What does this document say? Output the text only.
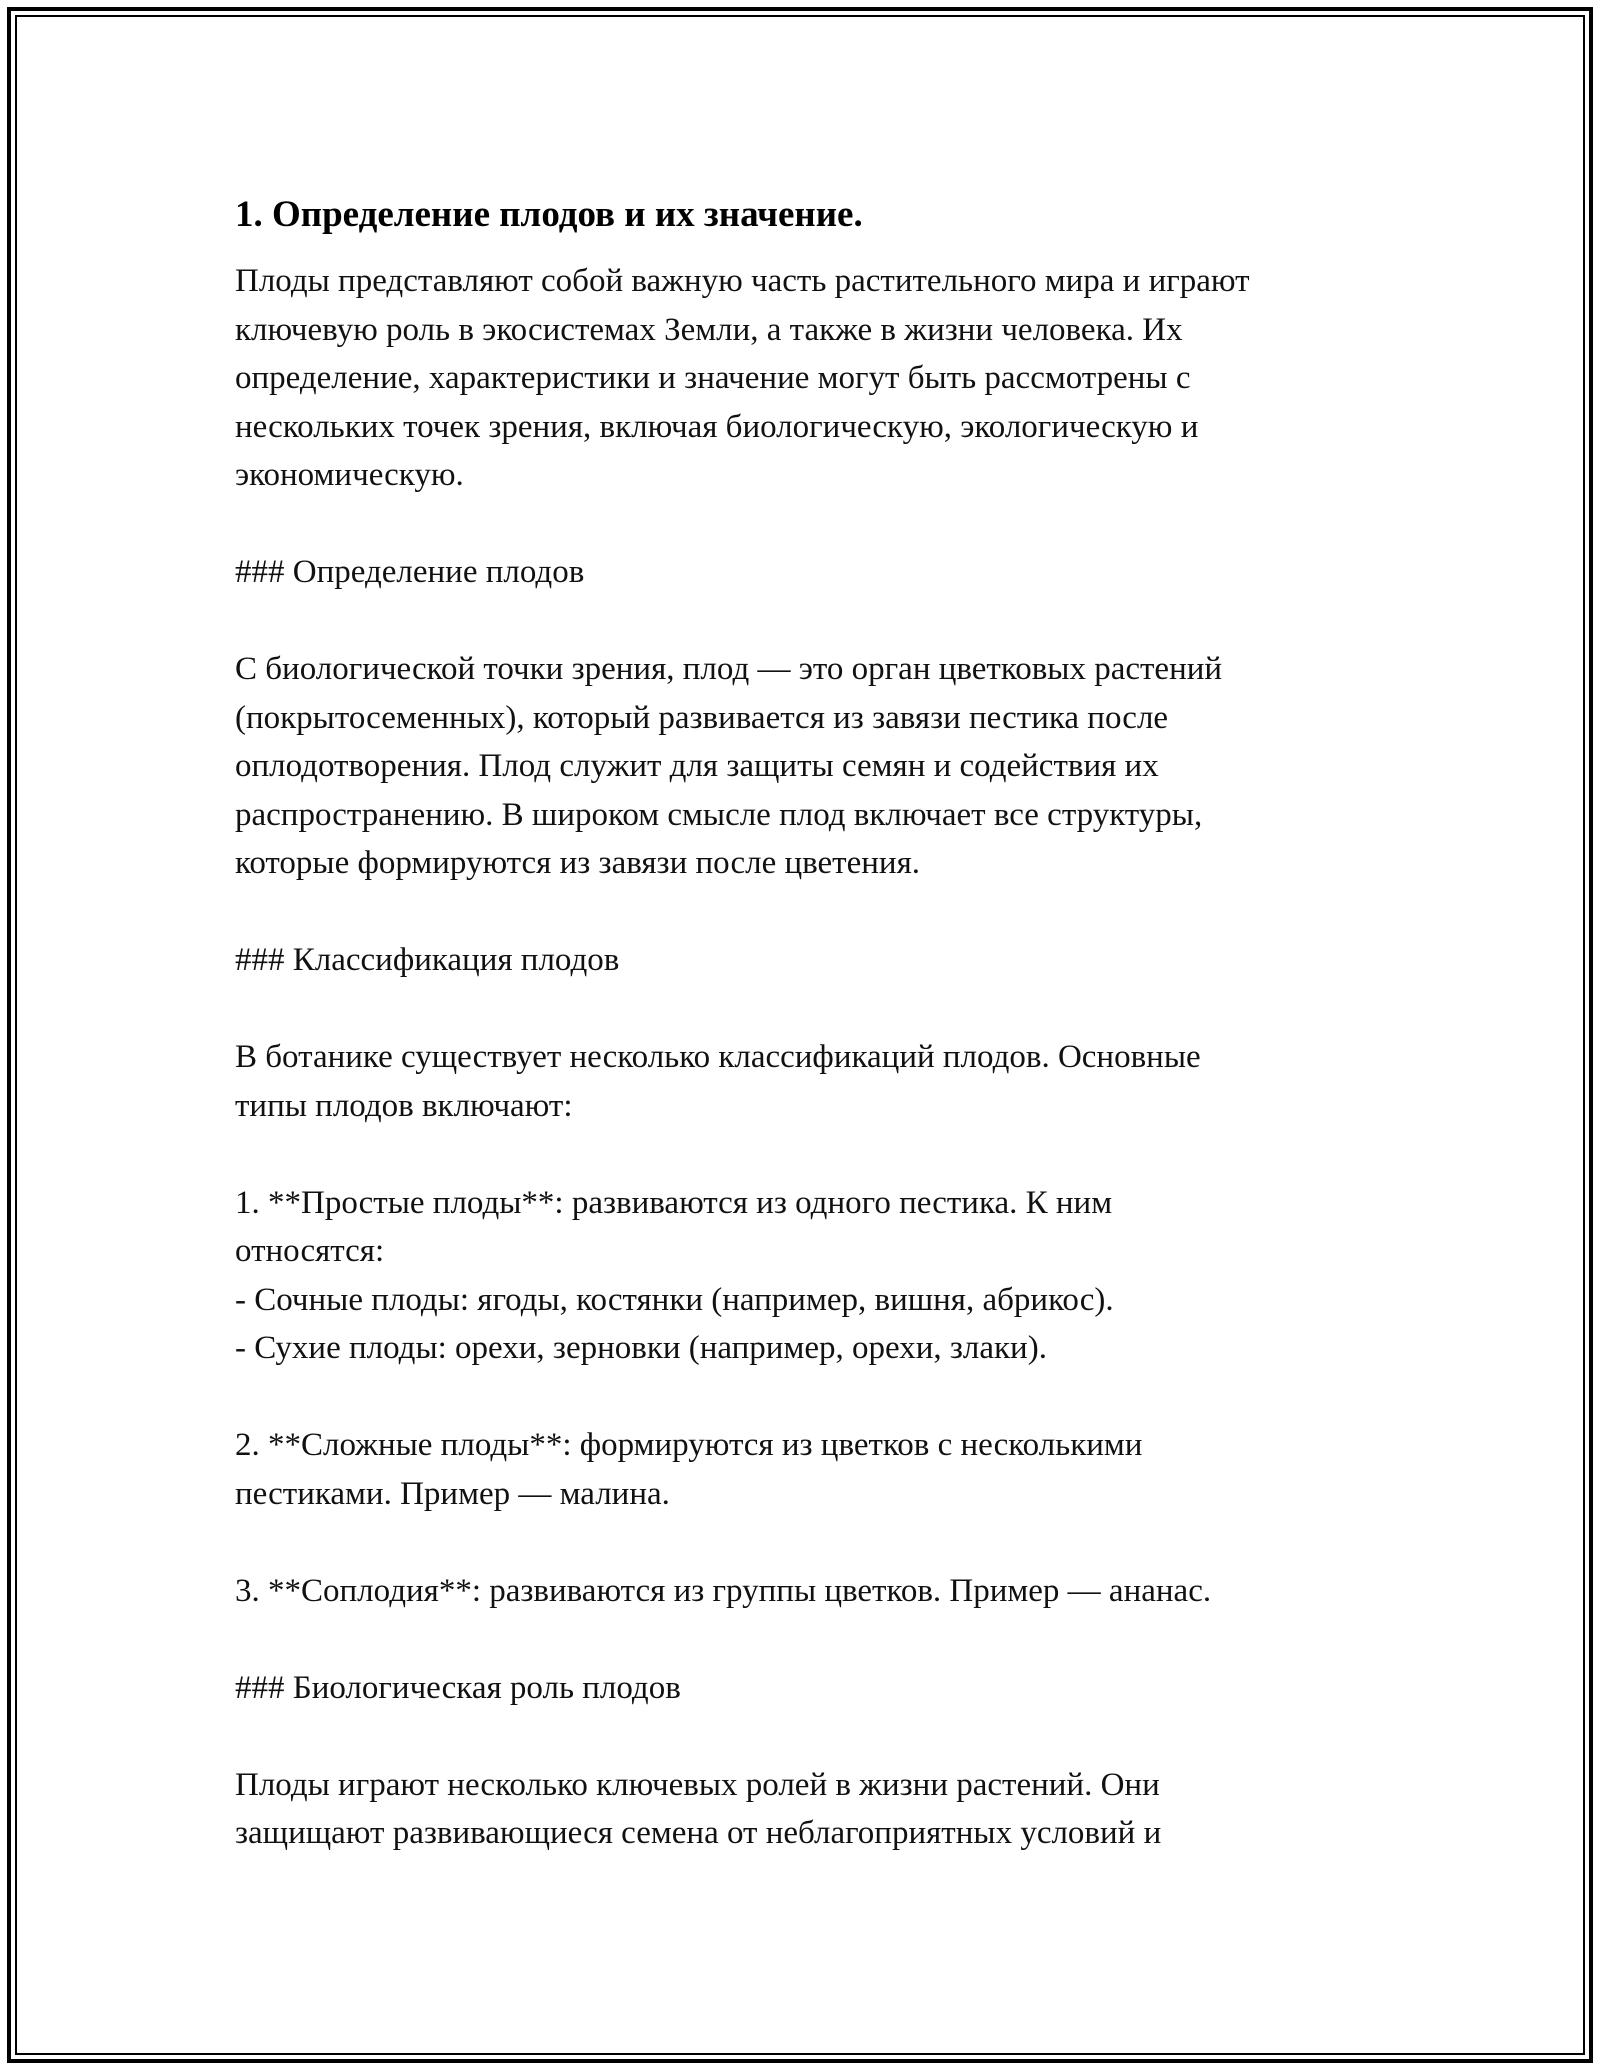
1. Определение плодов и их значение.

Плоды представляют собой важную часть растительного мира и играют
ключевую роль в экосистемах Земли, а также в жизни человека. Их
определение, характеристики и значение могут быть рассмотрены с
нескольких точек зрения, включая биологическую, экологическую и
экономическую.

### Определение плодов

С биологической точки зрения, плод — это орган цветковых растений
(покрытосеменных), который развивается из завязи пестика после
оплодотворения. Плод служит для защиты семян и содействия их
распространению. В широком смысле плод включает все структуры,
которые формируются из завязи после цветения.

### Классификация плодов

В ботанике существует несколько классификаций плодов. Основные
типы плодов включают:

1. **Простые плоды**: развиваются из одного пестика. К ним
относятся:
- Сочные плоды: ягоды, костянки (например, вишня, абрикос).
- Сухие плоды: орехи, зерновки (например, орехи, злаки).

2. **Сложные плоды**: формируются из цветков с несколькими
пестиками. Пример — малина.

3. **Соплодия**: развиваются из группы цветков. Пример — ананас.

### Биологическая роль плодов

Плоды играют несколько ключевых ролей в жизни растений. Они
защищают развивающиеся семена от неблагоприятных условий и
